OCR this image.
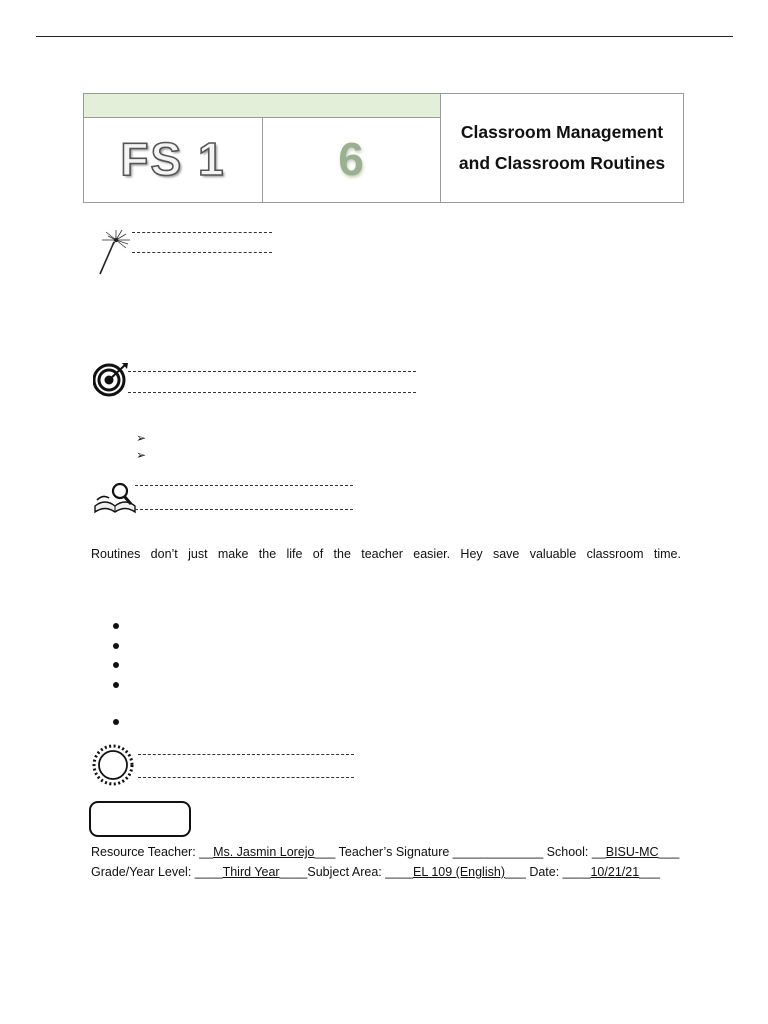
FS 1	6
Classroom Management
and Classroom Routines
➢
➢
Routines don’t just make the life of the teacher easier. Hey save valuable classroom time.
Resource Teacher: __Ms. Jasmin Lorejo___ Teacher’s Signature _____________ School: __BISU-MC___
Grade/Year Level: ____Third Year____Subject Area: ____EL 109 (English)___ Date: ____10/21/21___
